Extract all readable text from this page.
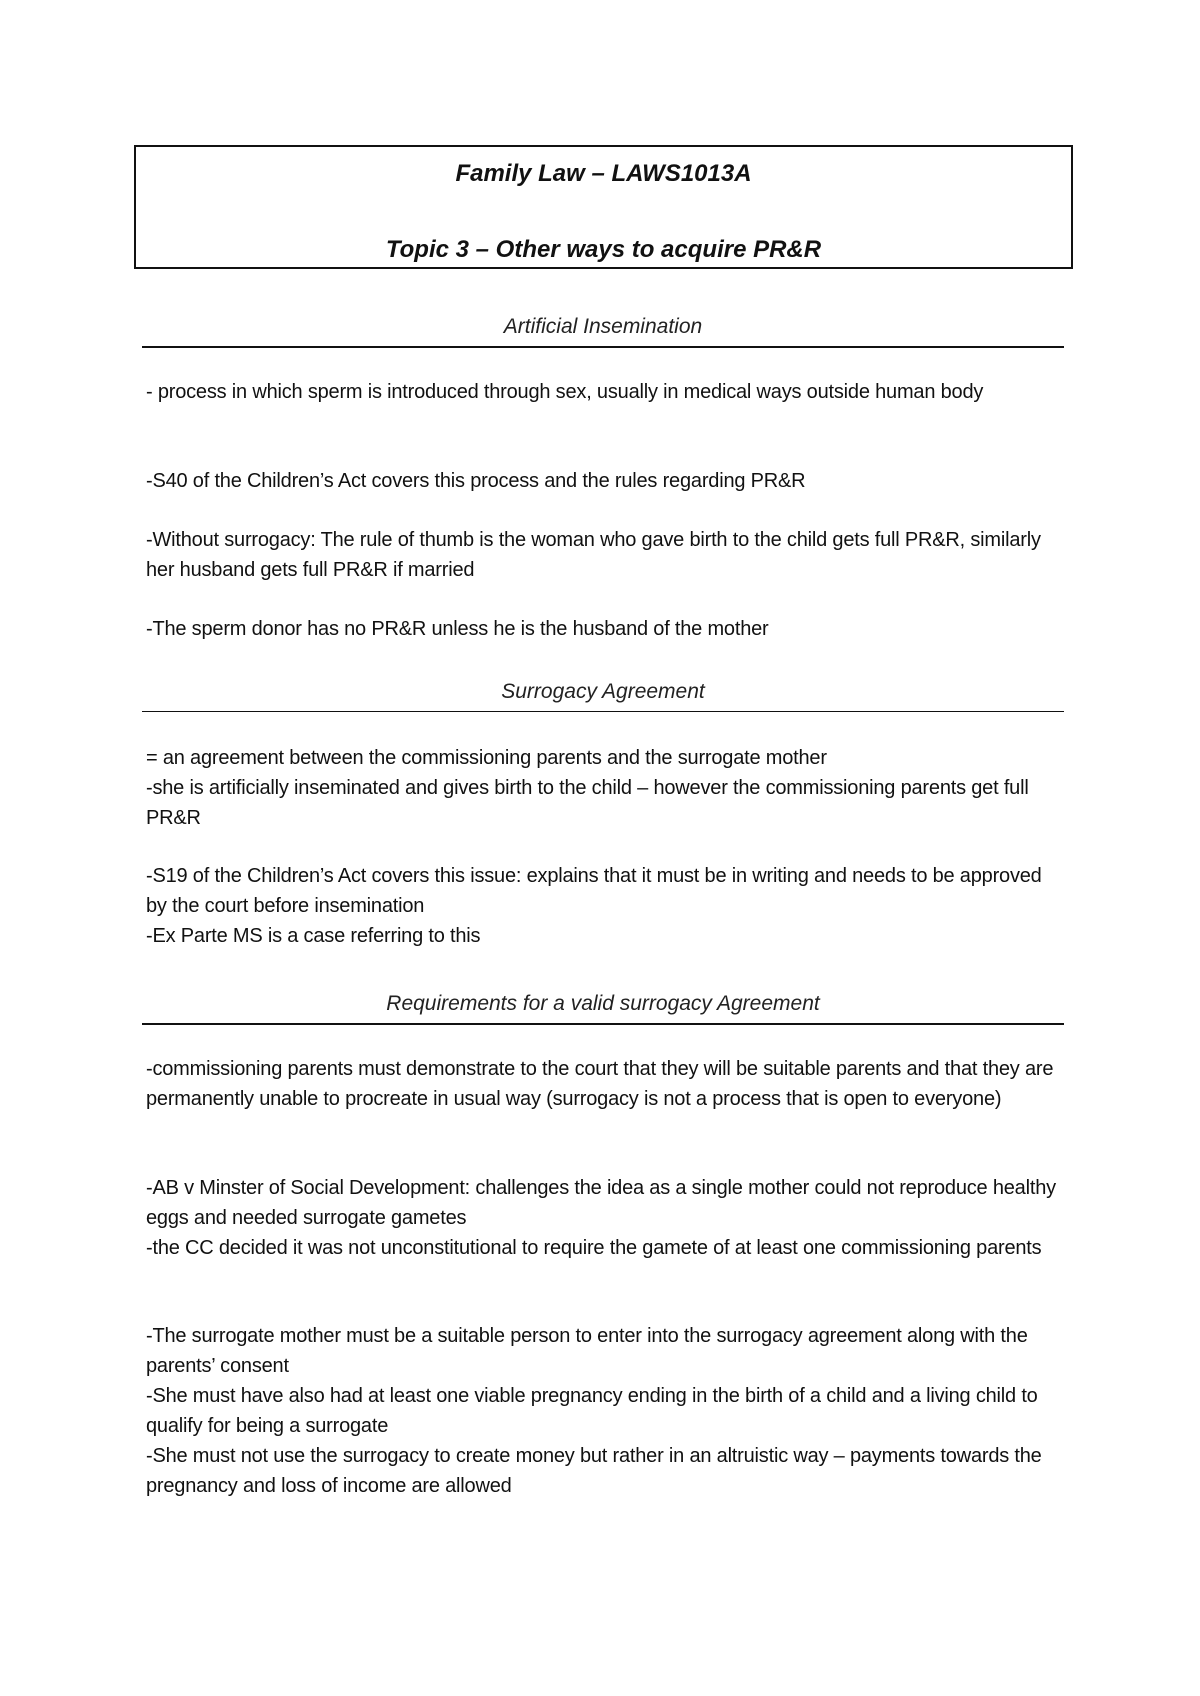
Family Law – LAWS1013A
Topic 3 – Other ways to acquire PR&R
Artificial Insemination
- process in which sperm is introduced through sex, usually in medical ways outside human body
-S40 of the Children’s Act covers this process and the rules regarding PR&R
-Without surrogacy: The rule of thumb is the woman who gave birth to the child gets full PR&R, similarly her husband gets full PR&R if married
-The sperm donor has no PR&R unless he is the husband of the mother
Surrogacy Agreement
= an agreement between the commissioning parents and the surrogate mother
-she is artificially inseminated and gives birth to the child – however the commissioning parents get full PR&R
-S19 of the Children’s Act covers this issue: explains that it must be in writing and needs to be approved by the court before insemination
-Ex Parte MS is a case referring to this
Requirements for a valid surrogacy Agreement
-commissioning parents must demonstrate to the court that they will be suitable parents and that they are permanently unable to procreate in usual way (surrogacy is not a process that is open to everyone)
-AB v Minster of Social Development: challenges the idea as a single mother could not reproduce healthy eggs and needed surrogate gametes
-the CC decided it was not unconstitutional to require the gamete of at least one commissioning parents
-The surrogate mother must be a suitable person to enter into the surrogacy agreement along with the parents’ consent
-She must have also had at least one viable pregnancy ending in the birth of a child and a living child to qualify for being a surrogate
-She must not use the surrogacy to create money but rather in an altruistic way – payments towards the pregnancy and loss of income are allowed
